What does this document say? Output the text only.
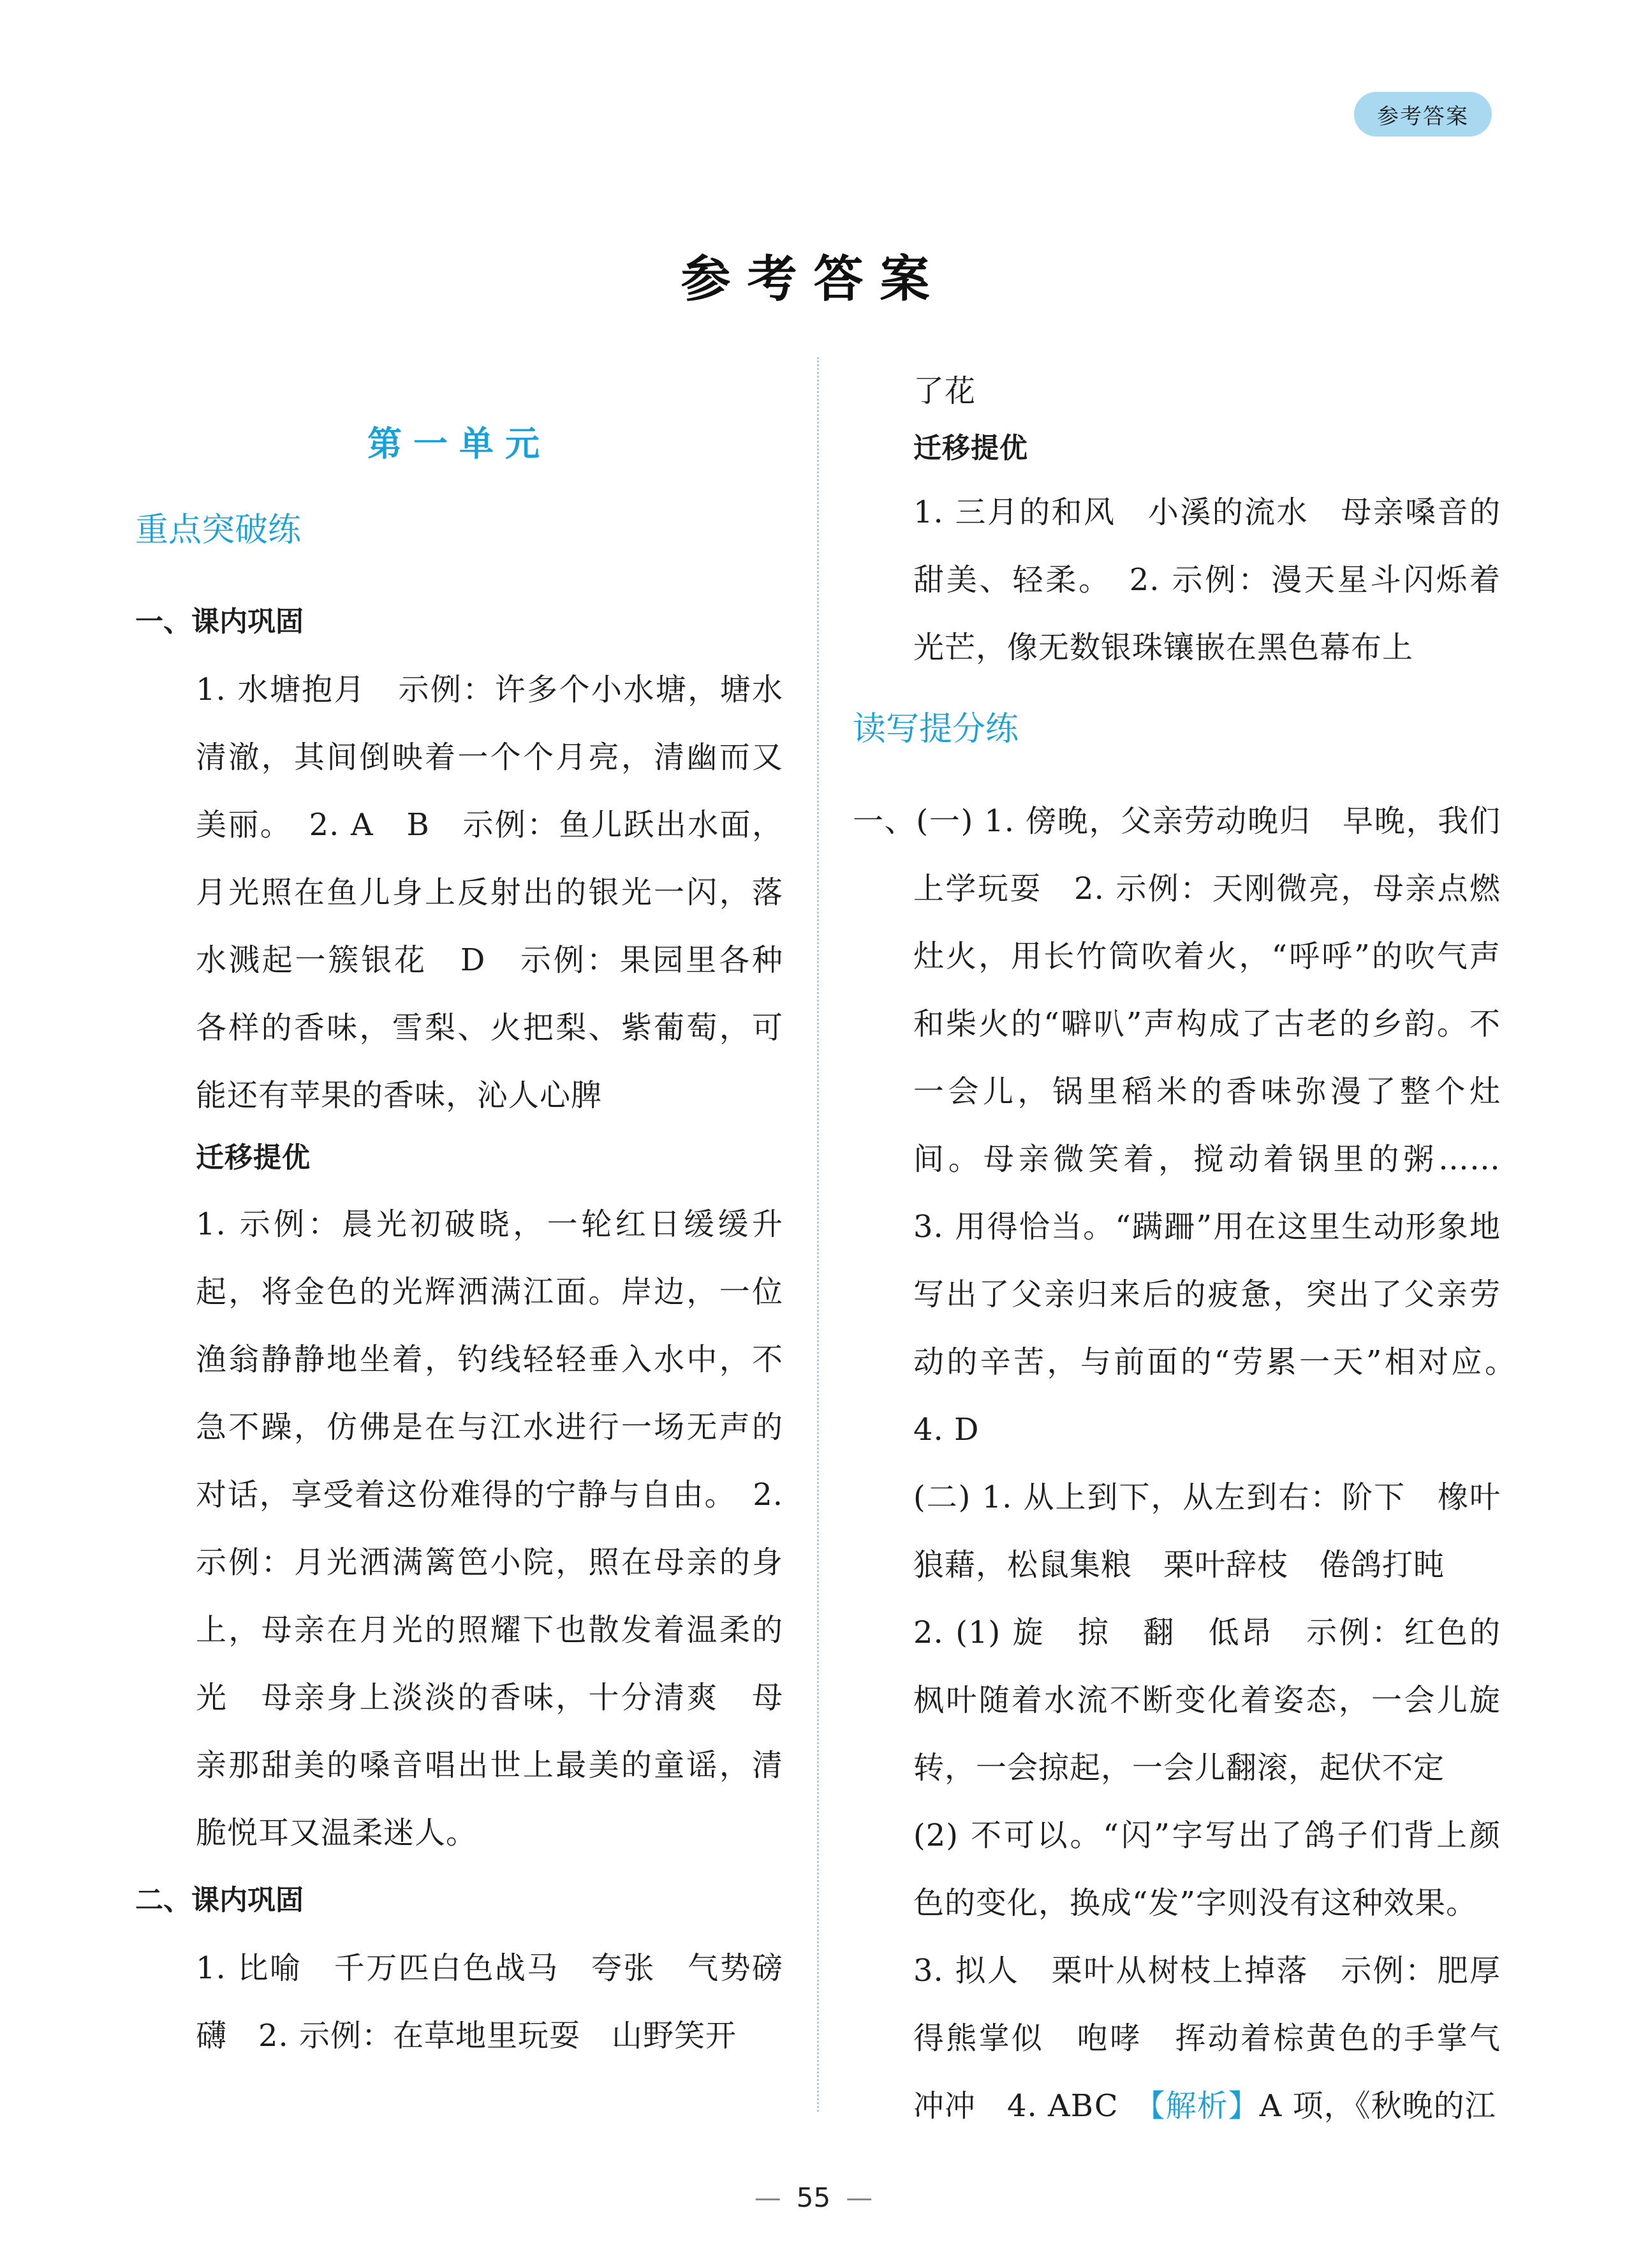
参考答案
参考答案
第一单元
重点突破练
一、课内巩固
1. 水塘抱月　示例：许多个小水塘，塘水清澈，其间倒映着一个个月亮，清幽而又美丽。　2. A　B　示例：鱼儿跃出水面，月光照在鱼儿身上反射出的银光一闪，落水溅起一簇银花　D　示例：果园里各种各样的香味，雪梨、火把梨、紫葡萄，可能还有苹果的香味，沁人心脾
迁移提优
1. 示例：晨光初破晓，一轮红日缓缓升起，将金色的光辉洒满江面。岸边，一位渔翁静静地坐着，钓线轻轻垂入水中，不急不躁，仿佛是在与江水进行一场无声的对话，享受着这份难得的宁静与自由。　2. 示例：月光洒满篱笆小院，照在母亲的身上，母亲在月光的照耀下也散发着温柔的光　母亲身上淡淡的香味，十分清爽　母亲那甜美的嗓音唱出世上最美的童谣，清脆悦耳又温柔迷人。
二、课内巩固
1. 比喻　千万匹白色战马　夸张　气势磅礴　2. 示例：在草地里玩耍　山野笑开
了花
迁移提优
1. 三月的和风　小溪的流水　母亲嗓音的甜美、轻柔。　2. 示例：漫天星斗闪烁着光芒，像无数银珠镶嵌在黑色幕布上
读写提分练
一、(一) 1. 傍晚，父亲劳动晚归　早晚，我们上学玩耍　2. 示例：天刚微亮，母亲点燃灶火，用长竹筒吹着火，“呼呼”的吹气声和柴火的“噼叭”声构成了古老的乡韵。不一会儿，锅里稻米的香味弥漫了整个灶间。母亲微笑着，搅动着锅里的粥……　3. 用得恰当。“蹒跚”用在这里生动形象地写出了父亲归来后的疲惫，突出了父亲劳动的辛苦，与前面的“劳累一天”相对应。　4. D
(二) 1. 从上到下，从左到右：阶下　橡叶狼藉，松鼠集粮　栗叶辞枝　倦鸽打盹
2. (1) 旋　掠　翻　低昂　示例：红色的枫叶随着水流不断变化着姿态，一会儿旋转，一会掠起，一会儿翻滚，起伏不定
(2) 不可以。“闪”字写出了鸽子们背上颜色的变化，换成“发”字则没有这种效果。
3. 拟人　栗叶从树枝上掉落　示例：肥厚得熊掌似　咆哮　挥动着棕黄色的手掌气冲冲　4. ABC　【解析】A 项，《秋晚的江
— 55 —
